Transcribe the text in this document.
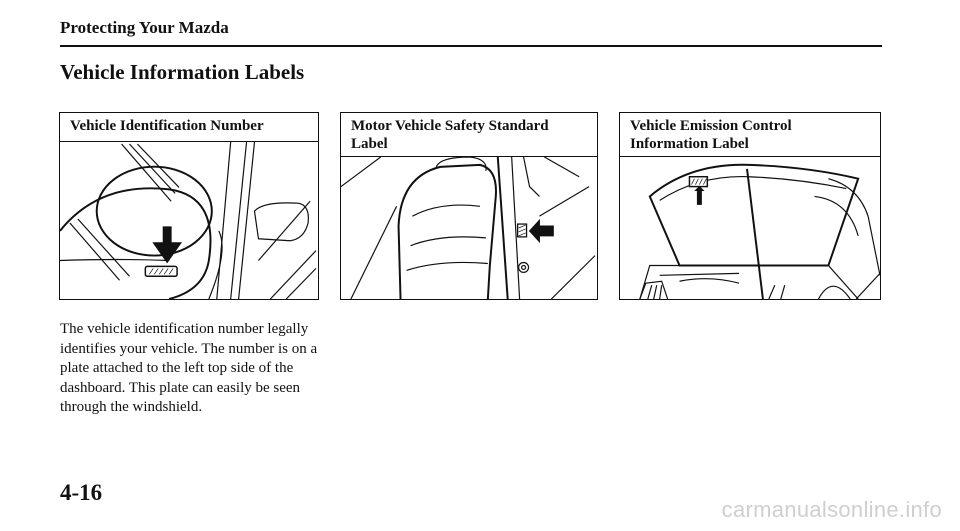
Protecting Your Mazda
Vehicle Information Labels
Vehicle Identification Number	Motor Vehicle Safety Standard
Label
Vehicle Emission Control
Information Label
The vehicle identification number legally identifies your vehicle. The number is on a plate attached to the left top side of the dashboard. This plate can easily be seen through the windshield.
4-16
carmanualsonline.info
